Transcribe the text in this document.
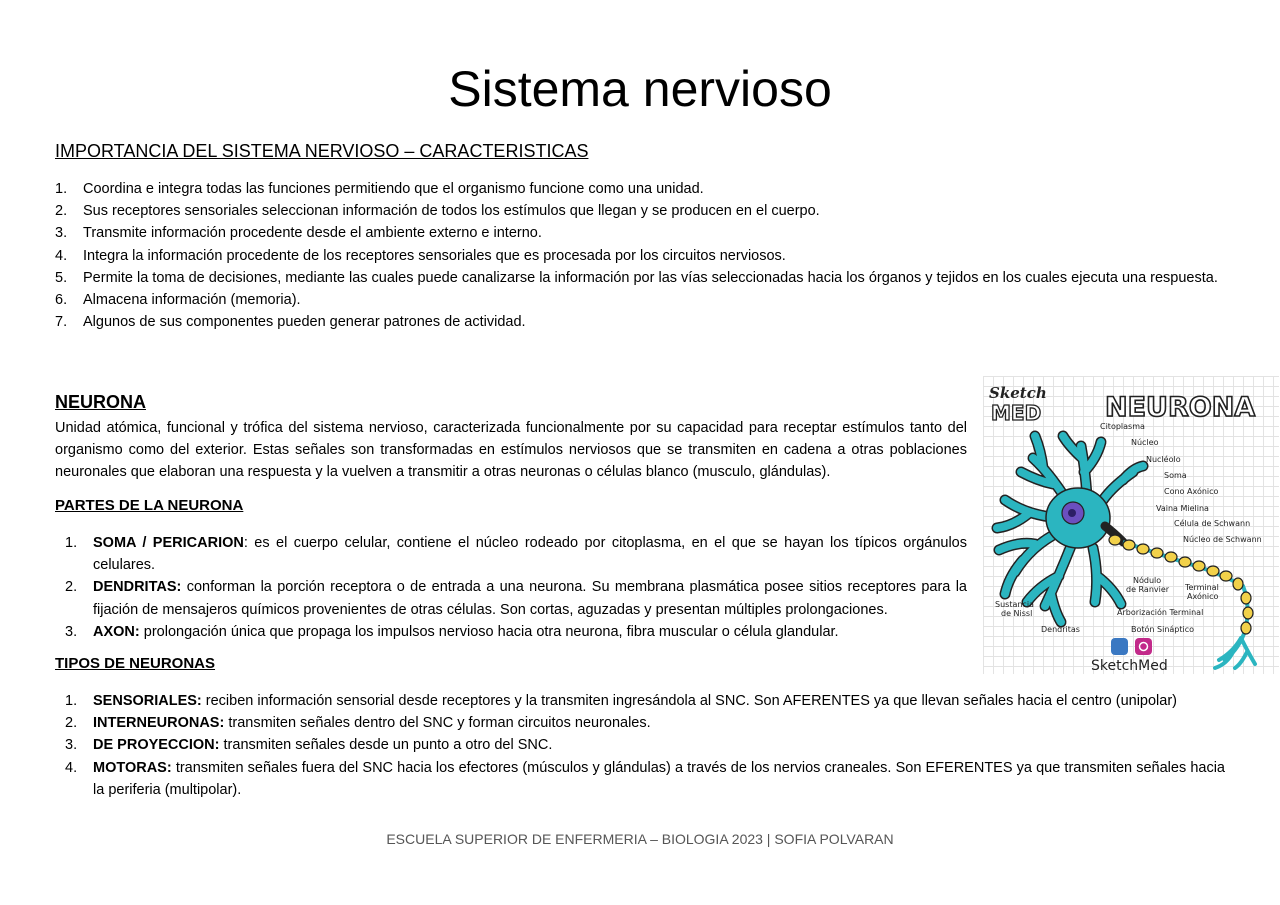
Sistema nervioso
IMPORTANCIA DEL SISTEMA NERVIOSO – CARACTERISTICAS
1. Coordina e integra todas las funciones permitiendo que el organismo funcione como una unidad.
2. Sus receptores sensoriales seleccionan información de todos los estímulos que llegan y se producen en el cuerpo.
3. Transmite información procedente desde el ambiente externo e interno.
4. Integra la información procedente de los receptores sensoriales que es procesada por los circuitos nerviosos.
5. Permite la toma de decisiones, mediante las cuales puede canalizarse la información por las vías seleccionadas hacia los órganos y tejidos en los cuales ejecuta una respuesta.
6. Almacena información (memoria).
7. Algunos de sus componentes pueden generar patrones de actividad.
NEURONA

Unidad atómica, funcional y trófica del sistema nervioso, caracterizada funcionalmente por su capacidad para receptar estímulos tanto del organismo como del exterior. Estas señales son transformadas en estímulos nerviosos que se transmiten en cadena a otras poblaciones neuronales que elaboran una respuesta y la vuelven a transmitir a otras neuronas o células blanco (musculo, glándulas).

PARTES DE LA NEURONA
1. SOMA / PERICARION: es el cuerpo celular, contiene el núcleo rodeado por citoplasma, en el que se hayan los típicos orgánulos celulares.
2. DENDRITAS: conforman la porción receptora o de entrada a una neurona. Su membrana plasmática posee sitios receptores para la fijación de mensajeros químicos provenientes de otras células. Son cortas, aguzadas y presentan múltiples prolongaciones.
3. AXON: prolongación única que propaga los impulsos nervioso hacia otra neurona, fibra muscular o célula glandular.
TIPOS DE NEURONAS
1. SENSORIALES: reciben información sensorial desde receptores y la transmiten ingresándola al SNC. Son AFERENTES ya que llevan señales hacia el centro (unipolar)
2. INTERNEURONAS: transmiten señales dentro del SNC y forman circuitos neuronales.
3. DE PROYECCION: transmiten señales desde un punto a otro del SNC.
4. MOTORAS: transmiten señales fuera del SNC hacia los efectores (músculos y glándulas) a través de los nervios craneales. Son EFERENTES ya que transmiten señales hacia la periferia (multipolar).
Sketch
MED NEURONA
Citoplasma
Núcleo
Nucléolo
Soma
Cono Axónico
Vaina Mielina
Célula de Schwann
Núcleo de Schwann
Nódulo
de Ranvier Terminal
Axónico
Sustancia
de Nissl	Arborización Terminal
Dendritas	Botón Sináptico
SketchMed
ESCUELA SUPERIOR DE ENFERMERIA – BIOLOGIA 2023 | SOFIA POLVARAN
